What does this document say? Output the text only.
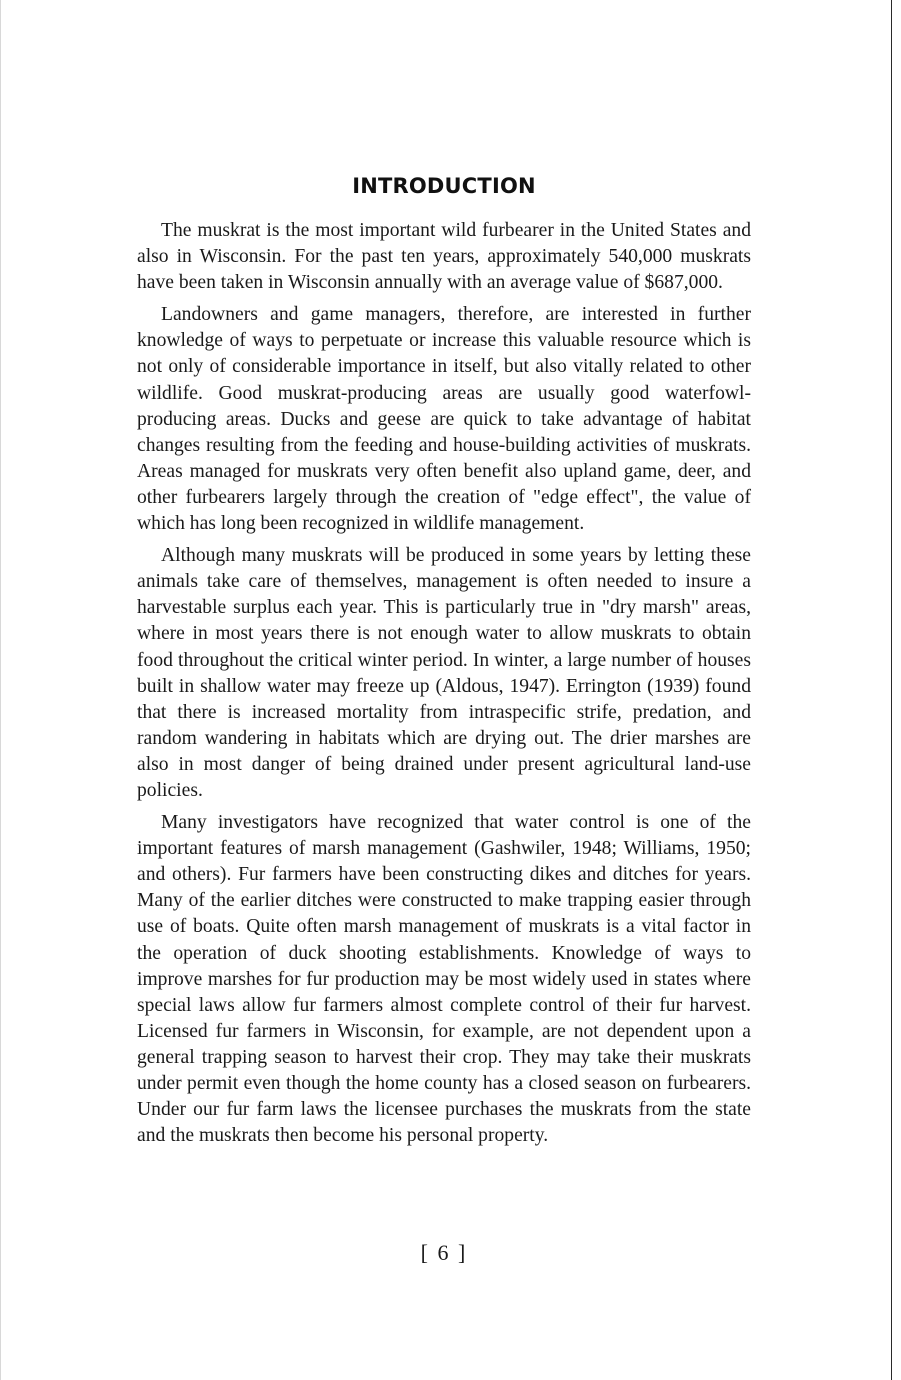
INTRODUCTION

The muskrat is the most important wild furbearer in the United States and also in Wisconsin. For the past ten years, approximately 540,000 muskrats have been taken in Wisconsin annually with an average value of $687,000.

Landowners and game managers, therefore, are interested in further knowledge of ways to perpetuate or increase this valuable resource which is not only of considerable importance in itself, but also vitally related to other wildlife. Good muskrat-producing areas are usually good waterfowl-producing areas. Ducks and geese are quick to take advantage of habitat changes resulting from the feeding and house-building activities of muskrats. Areas managed for muskrats very often benefit also upland game, deer, and other furbearers largely through the creation of "edge effect", the value of which has long been recognized in wildlife management.

Although many muskrats will be produced in some years by letting these animals take care of themselves, management is often needed to insure a harvestable surplus each year. This is particularly true in "dry marsh" areas, where in most years there is not enough water to allow muskrats to obtain food throughout the critical winter period. In winter, a large number of houses built in shallow water may freeze up (Aldous, 1947). Errington (1939) found that there is increased mortality from intraspecific strife, predation, and random wandering in habitats which are drying out. The drier marshes are also in most danger of being drained under present agricultural land-use policies.

Many investigators have recognized that water control is one of the important features of marsh management (Gashwiler, 1948; Williams, 1950; and others). Fur farmers have been constructing dikes and ditches for years. Many of the earlier ditches were constructed to make trapping easier through use of boats. Quite often marsh management of muskrats is a vital factor in the operation of duck shooting establishments. Knowledge of ways to improve marshes for fur production may be most widely used in states where special laws allow fur farmers almost complete control of their fur harvest. Licensed fur farmers in Wisconsin, for example, are not dependent upon a general trapping season to harvest their crop. They may take their muskrats under permit even though the home county has a closed season on furbearers. Under our fur farm laws the licensee purchases the muskrats from the state and the muskrats then become his personal property.

[ 6 ]
